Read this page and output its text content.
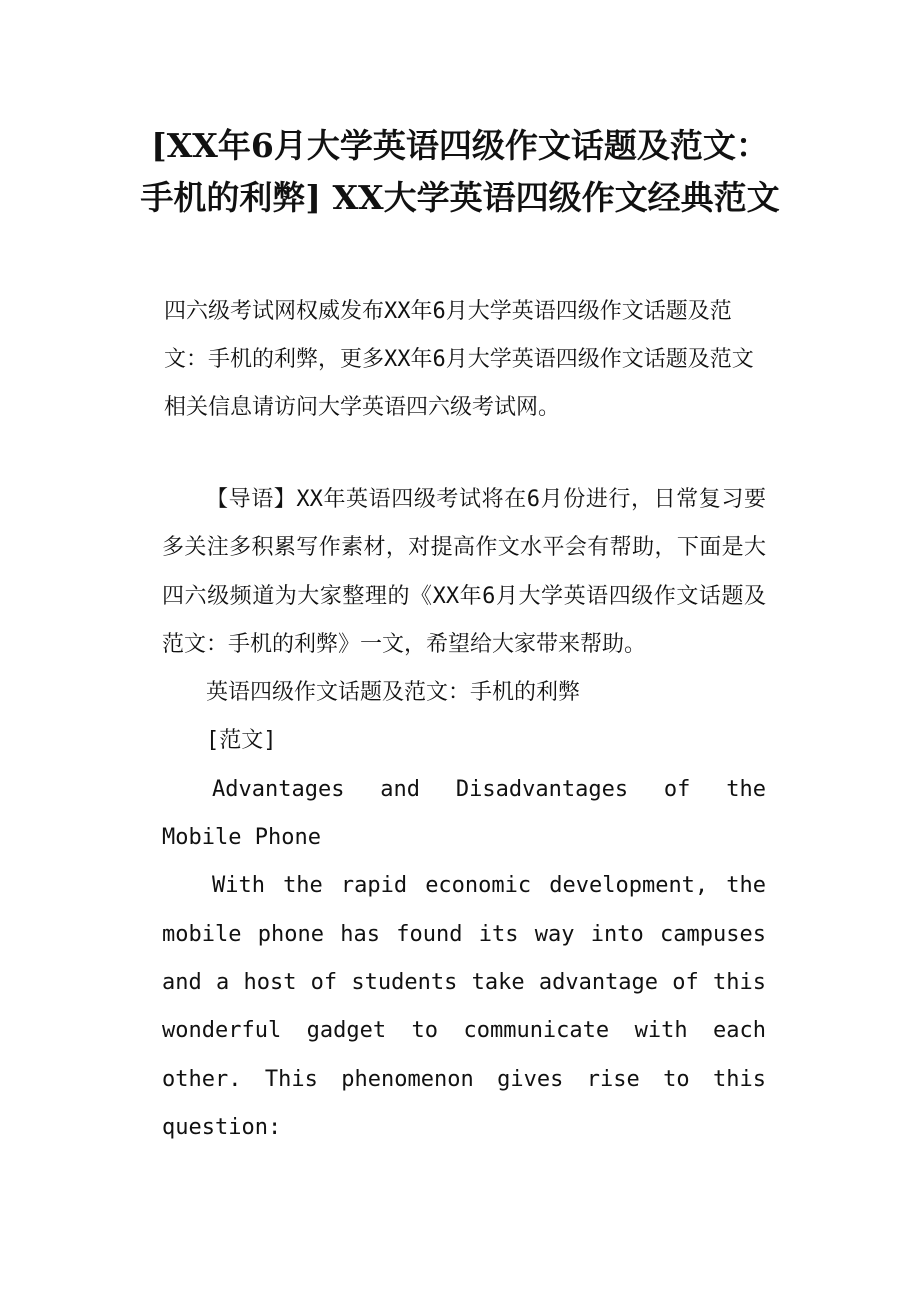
[XX年6月大学英语四级作文话题及范文：手机的利弊] XX大学英语四级作文经典范文

四六级考试网权威发布XX年6月大学英语四级作文话题及范文：手机的利弊，更多XX年6月大学英语四级作文话题及范文相关信息请访问大学英语四六级考试网。

【导语】XX年英语四级考试将在6月份进行，日常复习要多关注多积累写作素材，对提高作文水平会有帮助，下面是大四六级频道为大家整理的《XX年6月大学英语四级作文话题及范文：手机的利弊》一文，希望给大家带来帮助。

英语四级作文话题及范文：手机的利弊

[范文]

Advantages and Disadvantages of the Mobile Phone

With the rapid economic development, the mobile phone has found its way into campuses and a host of students take advantage of this wonderful gadget to communicate with each other. This phenomenon gives rise to this question:
